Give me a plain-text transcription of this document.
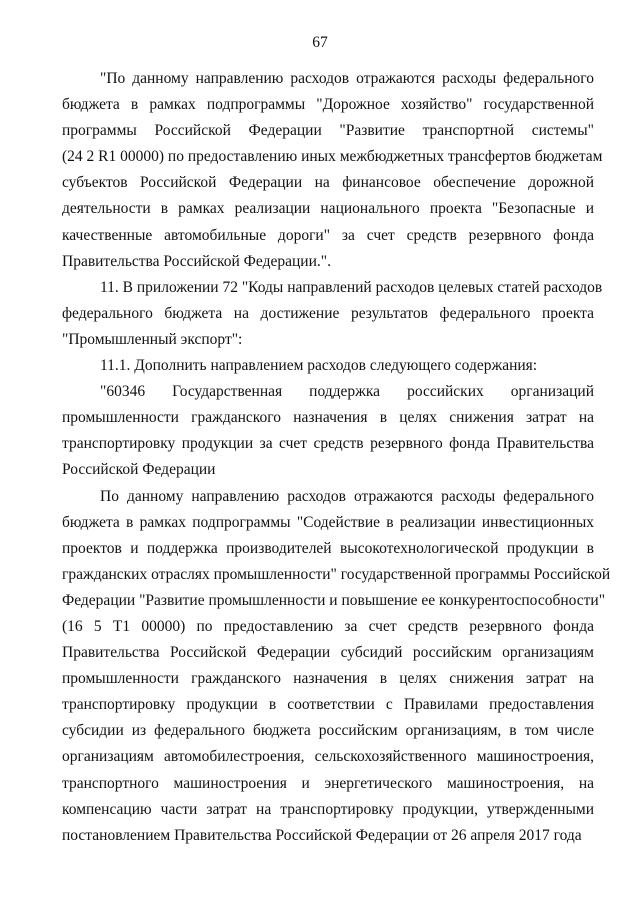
67
"По данному направлению расходов отражаются расходы федерального
бюджета в рамках подпрограммы "Дорожное хозяйство" государственной
программы Российской Федерации "Развитие транспортной системы"
(24 2 R1 00000) по предоставлению иных межбюджетных трансфертов бюджетам
субъектов Российской Федерации на финансовое обеспечение дорожной
деятельности в рамках реализации национального проекта "Безопасные и
качественные автомобильные дороги" за счет средств резервного фонда
Правительства Российской Федерации.".
11. В приложении 72 "Коды направлений расходов целевых статей расходов
федерального бюджета на достижение результатов федерального проекта
"Промышленный экспорт":
11.1. Дополнить направлением расходов следующего содержания:
"60346 Государственная поддержка российских организаций
промышленности гражданского назначения в целях снижения затрат на
транспортировку продукции за счет средств резервного фонда Правительства
Российской Федерации
По данному направлению расходов отражаются расходы федерального
бюджета в рамках подпрограммы "Содействие в реализации инвестиционных
проектов и поддержка производителей высокотехнологической продукции в
гражданских отраслях промышленности" государственной программы Российской
Федерации "Развитие промышленности и повышение ее конкурентоспособности"
(16 5 Т1 00000) по предоставлению за счет средств резервного фонда
Правительства Российской Федерации субсидий российским организациям
промышленности гражданского назначения в целях снижения затрат на
транспортировку продукции в соответствии с Правилами предоставления
субсидии из федерального бюджета российским организациям, в том числе
организациям автомобилестроения, сельскохозяйственного машиностроения,
транспортного машиностроения и энергетического машиностроения, на
компенсацию части затрат на транспортировку продукции, утвержденными
постановлением Правительства Российской Федерации от 26 апреля 2017 года
